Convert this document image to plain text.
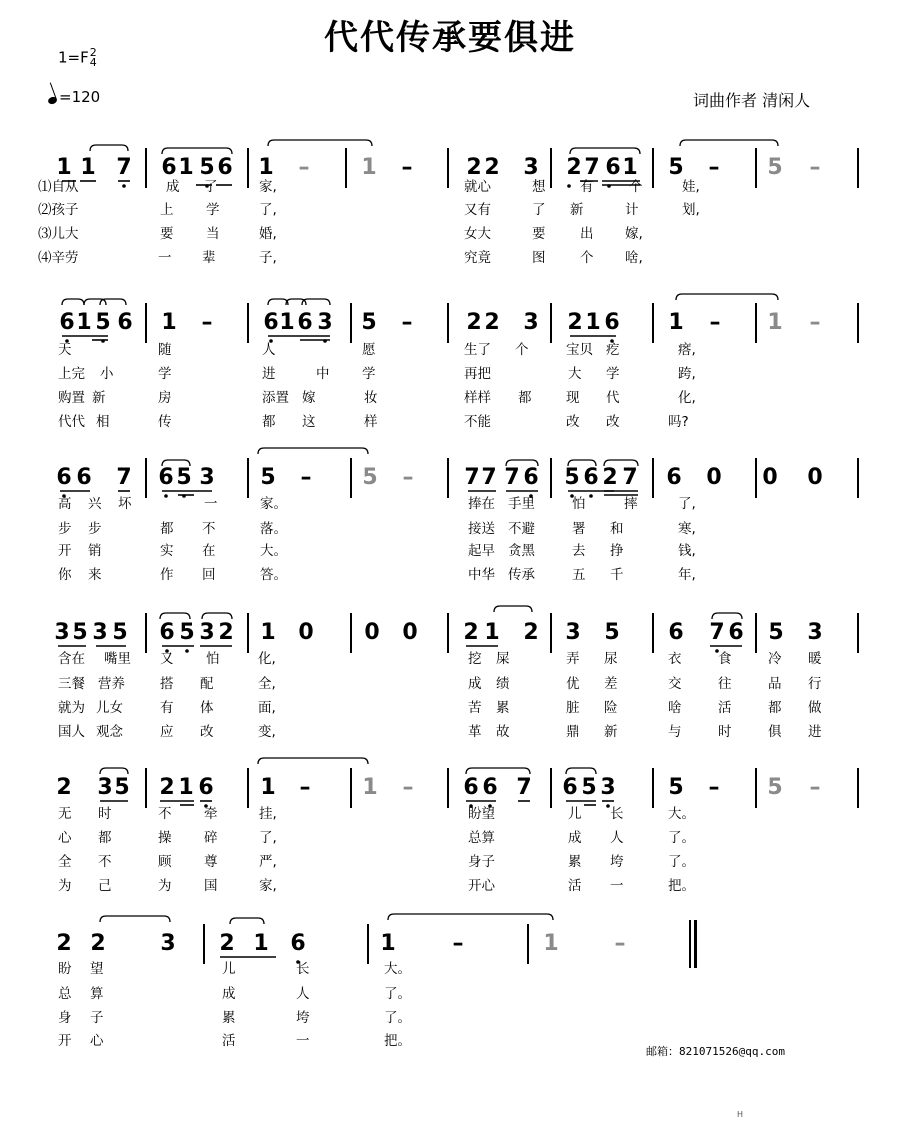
代代传承要俱进
1=F2
4
=120	词曲作者 清闲人
邮箱：821071526@qq.com
H
1 1 7 6 1 5 6 1 – 1 – 2 2 3 2 7 6 1 5 – 5 –
⑴自从	成 了	家,	就心	想	有	个	娃,
⑵孩子	上 学	了,	又有	了 新	计	划,
⑶儿大	要 当	婚,	女大	要	出 嫁,
⑷辛劳	一 辈	子,	究竟	图	个 啥,
6 1 5 6 1 – 6 1 6 3 5 – 2 2 3 2 1 6 1 – 1 –
天	随	人	愿	生了 个	宝贝 疙	瘩,
上完 小	学	进	中 学	再把	大 学	跨,
购置 新	房	添置 嫁	妆	样样 都	现 代	化,
代代 相	传	都 这	样	不能	改 改	吗?
6 6 7 6 5 3 5 – 5 – 7 7 7 6 5 6 2 7 6 0 0 0
高 兴 坏	一	家。	捧在 手里	怕	摔	了,
步 步	都 不	落。	接送 不避	署 和	寒,
开 销	实 在	大。	起早 贪黑	去 挣	钱,
你 来	作 回	答。	中华 传承	五 千	年,
3 5 3 5 6 5 3 2 1 0 0 0 2 1 2 3 5 6 7 6 5 3
含在 嘴里 又 怕	化,	挖 屎	弄 尿	衣	食	冷 暖
三餐 营养	搭 配	全,	成 绩	优 差	交	往	品 行
就为 儿女	有 体	面,	苦 累	脏 险	啥	活	都 做
国人 观念	应 改	变,	革 故	鼎 新	与	时	俱 进
2 3 5 2 1 6 1 – 1 – 6 6 7 6 5 3 5 – 5 –
无 时	不 牵	挂,	盼望	儿 长	大。
心 都	操 碎	了,	总算	成 人	了。
全 不	顾 尊	严,	身子	累 垮	了。
为 己	为 国	家,	开心	活 一	把。
2 2 3 2 1 6	1	–	1	–
盼 望	儿	长	大。
总 算	成	人	了。
身 子	累	垮	了。
开 心	活	一	把。
